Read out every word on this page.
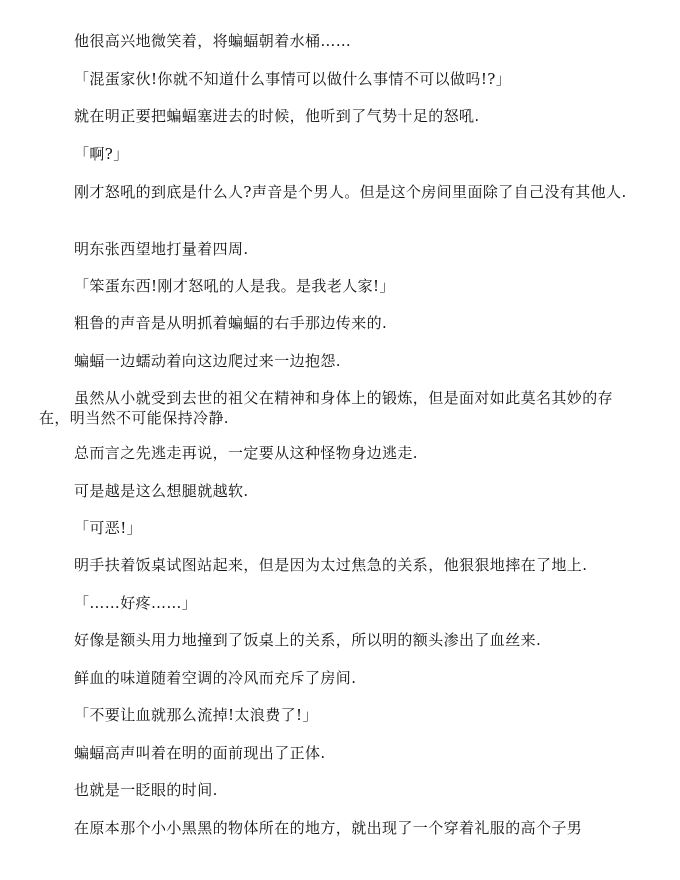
他很高兴地微笑着，将蝙蝠朝着水桶……

「混蛋家伙!你就不知道什么事情可以做什么事情不可以做吗!?」

就在明正要把蝙蝠塞进去的时候，他听到了气势十足的怒吼.

「啊?」

刚才怒吼的到底是什么人?声音是个男人。但是这个房间里面除了自己没有其他人.

明东张西望地打量着四周.

「笨蛋东西!刚才怒吼的人是我。是我老人家!」

粗鲁的声音是从明抓着蝙蝠的右手那边传来的.

蝙蝠一边蠕动着向这边爬过来一边抱怨.

虽然从小就受到去世的祖父在精神和身体上的锻炼，但是面对如此莫名其妙的存在，明当然不可能保持冷静.

总而言之先逃走再说，一定要从这种怪物身边逃走.

可是越是这么想腿就越软.

「可恶!」

明手扶着饭桌试图站起来，但是因为太过焦急的关系，他狠狠地摔在了地上.

「……好疼……」

好像是额头用力地撞到了饭桌上的关系，所以明的额头渗出了血丝来.

鲜血的味道随着空调的冷风而充斥了房间.

「不要让血就那么流掉!太浪费了!」

蝙蝠高声叫着在明的面前现出了正体.

也就是一眨眼的时间.

在原本那个小小黑黑的物体所在的地方，就出现了一个穿着礼服的高个子男
